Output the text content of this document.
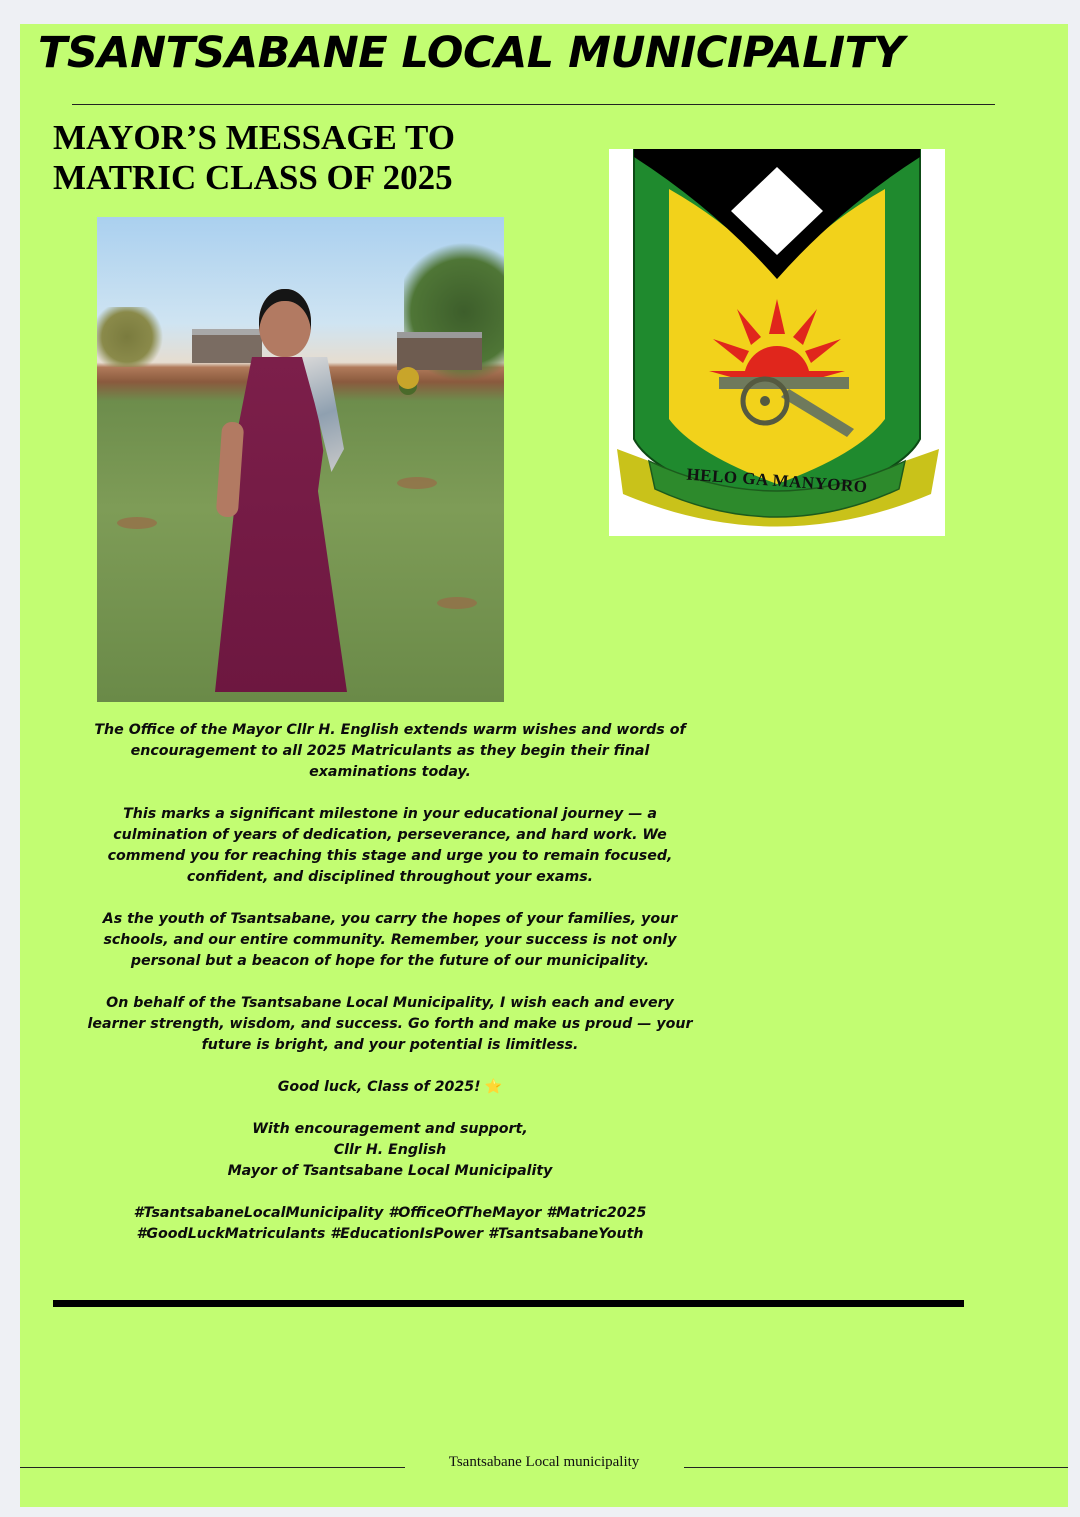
TSANTSABANE LOCAL MUNICIPALITY
MAYOR’S MESSAGE TO
MATRIC CLASS OF 2025
HELO GA MANYORO

The Office of the Mayor Cllr H. English extends warm wishes and words of encouragement to all 2025 Matriculants as they begin their final examinations today.

This marks a significant milestone in your educational journey — a culmination of years of dedication, perseverance, and hard work. We commend you for reaching this stage and urge you to remain focused, confident, and disciplined throughout your exams.

As the youth of Tsantsabane, you carry the hopes of your families, your schools, and our entire community. Remember, your success is not only personal but a beacon of hope for the future of our municipality.

On behalf of the Tsantsabane Local Municipality, I wish each and every learner strength, wisdom, and success. Go forth and make us proud — your future is bright, and your potential is limitless.

Good luck, Class of 2025! ⭐

With encouragement and support,
Cllr H. English
Mayor of Tsantsabane Local Municipality

#TsantsabaneLocalMunicipality #OfficeOfTheMayor #Matric2025
#GoodLuckMatriculants #EducationIsPower #TsantsabaneYouth

Tsantsabane Local municipality
